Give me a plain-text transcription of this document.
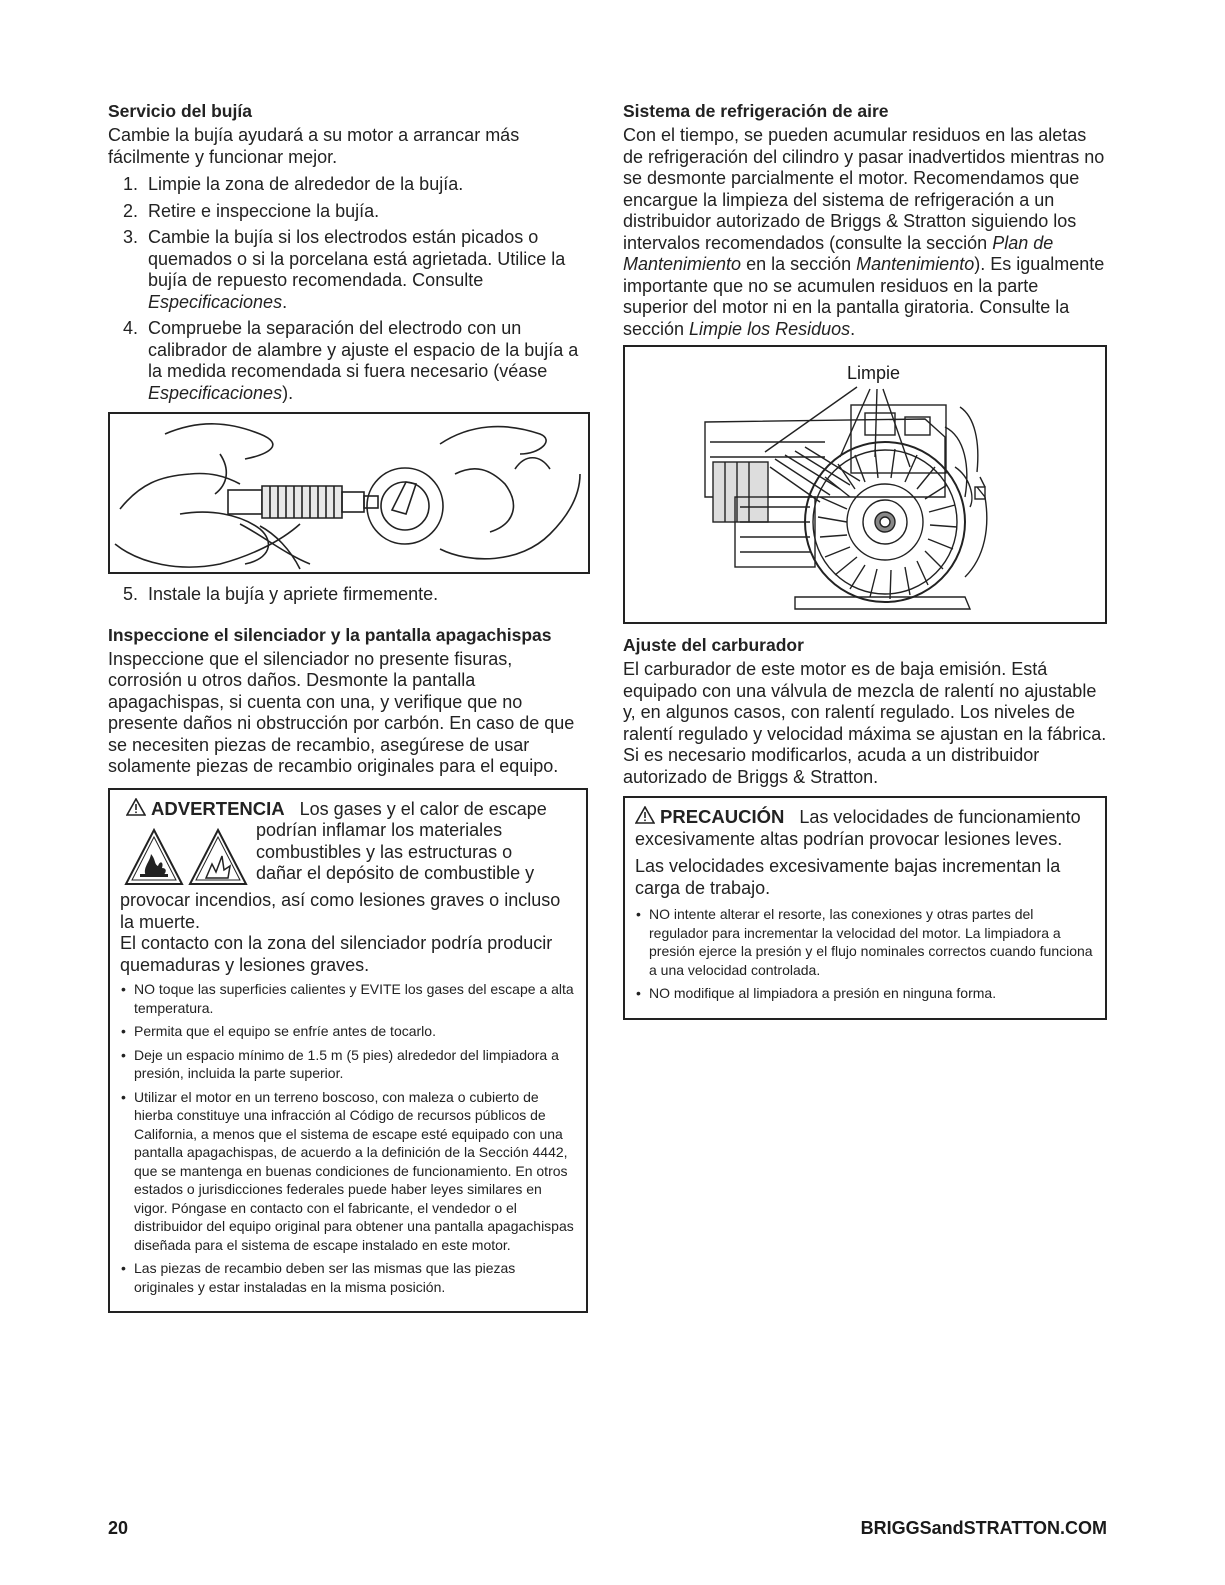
Servicio del bujía

Cambie la bujía ayudará a su motor a arrancar más fácilmente y funcionar mejor.

1. Limpie la zona de alrededor de la bujía.
2. Retire e inspeccione la bujía.
3. Cambie la bujía si los electrodos están picados o quemados o si la porcelana está agrietada. Utilice la bujía de repuesto recomendada. Consulte Especificaciones.
4. Compruebe la separación del electrodo con un calibrador de alambre y ajuste el espacio de la bujía a la medida recomendada si fuera necesario (véase Especificaciones).
5. Instale la bujía y apriete firmemente.
Inspeccione el silenciador y la pantalla apagachispas

Inspeccione que el silenciador no presente fisuras, corrosión u otros daños. Desmonte la pantalla apagachispas, si cuenta con una, y verifique que no presente daños ni obstrucción por carbón. En caso de que se necesiten piezas de recambio, asegúrese de usar solamente piezas de recambio originales para el equipo.

ADVERTENCIA Los gases y el calor de escape
podrían inflamar los materiales
combustibles y las estructuras o
dañar el depósito de combustible y
provocar incendios, así como lesiones graves o incluso la muerte.
El contacto con la zona del silenciador podría producir quemaduras y lesiones graves.
• NO toque las superficies calientes y EVITE los gases del escape a alta temperatura.
• Permita que el equipo se enfríe antes de tocarlo.
• Deje un espacio mínimo de 1.5 m (5 pies) alrededor del limpiadora a presión, incluida la parte superior.
• Utilizar el motor en un terreno boscoso, con maleza o cubierto de hierba constituye una infracción al Código de recursos públicos de California, a menos que el sistema de escape esté equipado con una pantalla apagachispas, de acuerdo a la definición de la Sección 4442, que se mantenga en buenas condiciones de funcionamiento. En otros estados o jurisdicciones federales puede haber leyes similares en vigor. Póngase en contacto con el fabricante, el vendedor o el distribuidor del equipo original para obtener una pantalla apagachispas diseñada para el sistema de escape instalado en este motor.
• Las piezas de recambio deben ser las mismas que las piezas originales y estar instaladas en la misma posición.
Sistema de refrigeración de aire

Con el tiempo, se pueden acumular residuos en las aletas de refrigeración del cilindro y pasar inadvertidos mientras no se desmonte parcialmente el motor. Recomendamos que encargue la limpieza del sistema de refrigeración a un distribuidor autorizado de Briggs & Stratton siguiendo los intervalos recomendados (consulte la sección Plan de Mantenimiento en la sección Mantenimiento). Es igualmente importante que no se acumulen residuos en la parte superior del motor ni en la pantalla giratoria. Consulte la sección Limpie los Residuos.

Limpie
Ajuste del carburador

El carburador de este motor es de baja emisión. Está equipado con una válvula de mezcla de ralentí no ajustable y, en algunos casos, con ralentí regulado. Los niveles de ralentí regulado y velocidad máxima se ajustan en la fábrica. Si es necesario modificarlos, acuda a un distribuidor autorizado de Briggs & Stratton.

PRECAUCIÓN Las velocidades de funcionamiento excesivamente altas podrían provocar lesiones leves.
Las velocidades excesivamente bajas incrementan la carga de trabajo.
• NO intente alterar el resorte, las conexiones y otras partes del regulador para incrementar la velocidad del motor. La limpiadora a presión ejerce la presión y el flujo nominales correctos cuando funciona a una velocidad controlada.
• NO modifique al limpiadora a presión en ninguna forma.
20	BRIGGSandSTRATTON.COM
